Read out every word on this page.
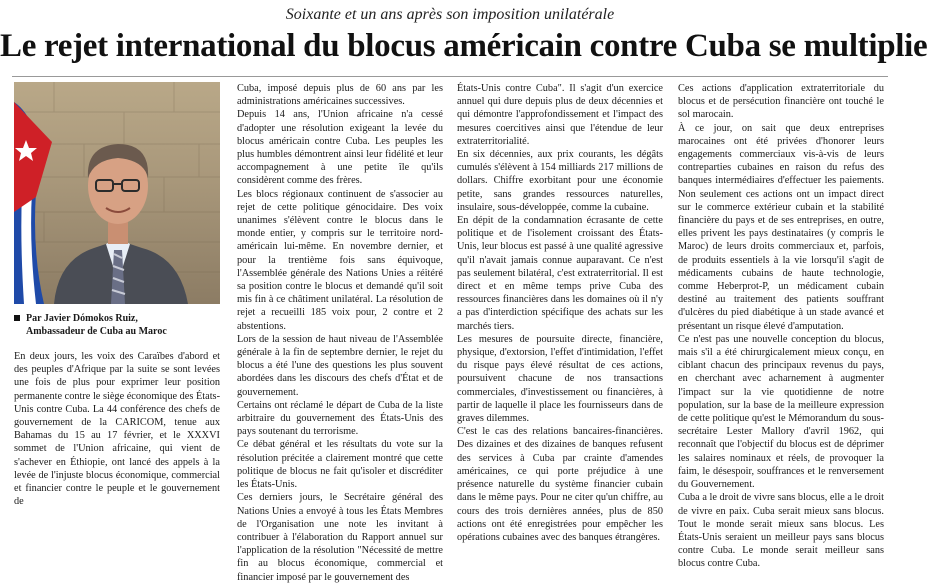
Soixante et un ans après son imposition unilatérale
Le rejet international du blocus américain contre Cuba se multiplie
Par Javier Dómokos Ruiz,
Ambassadeur de Cuba au Maroc

En deux jours, les voix des Caraïbes d'abord et des peuples d'Afrique par la suite se sont levées une fois de plus pour exprimer leur position permanente contre le siège économique des États-Unis contre Cuba. La 44 conférence des chefs de gouvernement de la CARICOM, tenue aux Bahamas du 15 au 17 février, et le XXXVI sommet de l'Union africaine, qui vient de s'achever en Éthiopie, ont lancé des appels à la levée de l'injuste blocus économique, commercial et financier contre le peuple et le gouvernement de

Cuba, imposé depuis plus de 60 ans par les administrations américaines successives.

Depuis 14 ans, l'Union africaine n'a cessé d'adopter une résolution exigeant la levée du blocus américain contre Cuba. Les peuples les plus humbles démontrent ainsi leur fidélité et leur accompagnement à une petite île qu'ils considèrent comme des frères.

Les blocs régionaux continuent de s'associer au rejet de cette politique génocidaire. Des voix unanimes s'élèvent contre le blocus dans le monde entier, y compris sur le territoire nord-américain lui-même. En novembre dernier, et pour la trentième fois sans équivoque, l'Assemblée générale des Nations Unies a réitéré sa position contre le blocus et demandé qu'il soit mis fin à ce châtiment unilatéral. La résolution de rejet a recueilli 185 voix pour, 2 contre et 2 abstentions.

Lors de la session de haut niveau de l'Assemblée générale à la fin de septembre dernier, le rejet du blocus a été l'une des questions les plus souvent abordées dans les discours des chefs d'État et de gouvernement.

Certains ont réclamé le départ de Cuba de la liste arbitraire du gouvernement des États-Unis des pays soutenant du terrorisme.

Ce débat général et les résultats du vote sur la résolution précitée a clairement montré que cette politique de blocus ne fait qu'isoler et discréditer les États-Unis.

Ces derniers jours, le Secrétaire général des Nations Unies a envoyé à tous les États Membres de l'Organisation une note les invitant à contribuer à l'élaboration du Rapport annuel sur l'application de la résolution "Nécessité de mettre fin au blocus économique, commercial et financier imposé par le gouvernement des

États-Unis contre Cuba". Il s'agit d'un exercice annuel qui dure depuis plus de deux décennies et qui démontre l'approfondissement et l'impact des mesures coercitives ainsi que l'étendue de leur extraterritorialité.

En six décennies, aux prix courants, les dégâts cumulés s'élèvent à 154 milliards 217 millions de dollars. Chiffre exorbitant pour une économie petite, sans grandes ressources naturelles, insulaire, sous-développée, comme la cubaine.

En dépit de la condamnation écrasante de cette politique et de l'isolement croissant des États-Unis, leur blocus est passé à une qualité agressive qu'il n'avait jamais connue auparavant. Ce n'est pas seulement bilatéral, c'est extraterritorial. Il est direct et en même temps prive Cuba des ressources financières dans les domaines où il n'y a pas d'interdiction spécifique des achats sur les marchés tiers.

Les mesures de poursuite directe, financière, physique, d'extorsion, l'effet d'intimidation, l'effet du risque pays élevé résultat de ces actions, poursuivent chacune de nos transactions commerciales, d'investissement ou financières, à partir de laquelle il place les fournisseurs dans de graves dilemmes.

C'est le cas des relations bancaires-financières. Des dizaines et des dizaines de banques refusent des services à Cuba par crainte d'amendes américaines, ce qui porte préjudice à une présence naturelle du système financier cubain dans le même pays. Pour ne citer qu'un chiffre, au cours des trois dernières années, plus de 850 actions ont été enregistrées pour empêcher les opérations cubaines avec des banques étrangères.

Ces actions d'application extraterritoriale du blocus et de persécution financière ont touché le sol marocain.

À ce jour, on sait que deux entreprises marocaines ont été privées d'honorer leurs engagements commerciaux vis-à-vis de leurs contreparties cubaines en raison du refus des banques intermédiaires d'effectuer les paiements. Non seulement ces actions ont un impact direct sur le commerce extérieur cubain et la stabilité financière du pays et de ses entreprises, en outre, elles privent les pays destinataires (y compris le Maroc) de leurs droits commerciaux et, parfois, de produits essentiels à la vie lorsqu'il s'agit de médicaments cubains de haute technologie, comme Heberprot-P, un médicament cubain destiné au traitement des patients souffrant d'ulcères du pied diabétique à un stade avancé et présentant un risque élevé d'amputation.

Ce n'est pas une nouvelle conception du blocus, mais s'il a été chirurgicalement mieux conçu, en ciblant chacun des principaux revenus du pays, en cherchant avec acharnement à augmenter l'impact sur la vie quotidienne de notre population, sur la base de la meilleure expression de cette politique qu'est le Mémorandum du sous-secrétaire Lester Mallory d'avril 1962, qui reconnaît que l'objectif du blocus est de déprimer les salaires nominaux et réels, de provoquer la faim, le désespoir, souffrances et le renversement du Gouvernement.

Cuba a le droit de vivre sans blocus, elle a le droit de vivre en paix. Cuba serait mieux sans blocus. Tout le monde serait mieux sans blocus. Les États-Unis seraient un meilleur pays sans blocus contre Cuba. Le monde serait meilleur sans blocus contre Cuba.
